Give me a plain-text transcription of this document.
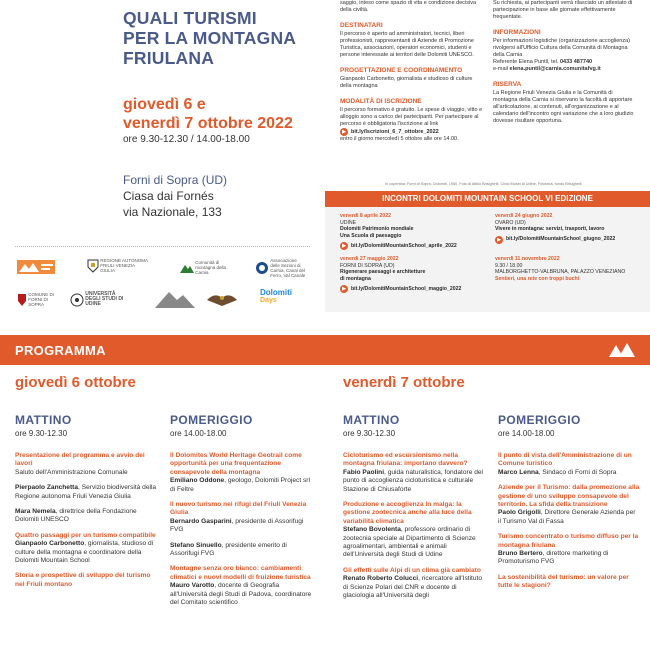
QUALI TURISMI
PER LA MONTAGNA
FRIULANA
giovedì 6 e
venerdì 7 ottobre 2022
ore 9.30-12.30 / 14.00-18.00
Forni di Sopra (UD)
Ciasa dai Fornés
via Nazionale, 133
REGIONE AUTONOMA FRIULI VENEZIA GIULIA
Comunità di montagna della Carnia
Associazione delle Sezioni di Carnia, Canal del Ferro, Val Canale
COMUNE DI FORNI DI SOPRA
UNIVERSITÀ DEGLI STUDI DI UDINE
Dolomiti
Days
saggio, inteso come spazio di vita e condizione decisiva della civiltà.
DESTINATARI
Il percorso è aperto ad amministratori, tecnici, liberi professionisti, rappresentanti di Aziende di Promozione Turistica, associazioni, operatori economici, studenti e persone interessate ai territori delle Dolomiti UNESCO.
PROGETTAZIONE E COORDINAMENTO
Gianpaolo Carbonetto, giornalista e studioso di culture della montagna
MODALITÀ DI ISCRIZIONE
Il percorso formativo è gratuito. Le spese di viaggio, vitto e alloggio sono a carico dei partecipanti. Per partecipare al percorso è obbligatoria l'iscrizione al link
▶ bit.ly/Iscrizioni_6_7_ottobre_2022
entro il giorno mercoledì 5 ottobre alle ore 14.00.
Su richiesta, ai partecipanti verrà rilasciato un attestato di partecipazione in base alle giornate effettivamente frequentate.
INFORMAZIONI
Per informazioni logistiche (organizzazione accoglienza) rivolgersi all'Ufficio Cultura della Comunità di Montagna della Carnia
Referente Elena Puntil, tel. 0433 487740
e-mail elena.puntil@carnia.comunitafvg.it
RISERVA
La Regione Friuli Venezia Giulia e la Comunità di montagna della Carnia si riservano la facoltà di apportare all'articolazione, ai contenuti, all'organizzazione e al calendario dell'incontro ogni variazione che a loro giudizio dovesse risultare opportuna.
In copertina: Forni di Sopra, Dolomiti, 1950. Foto di Attilio Brisighelli. Civici Musei di Udine, Fototeca, fondo Brisighelli
INCONTRI DOLOMITI MOUNTAIN SCHOOL VI EDIZIONE
venerdì 8 aprile 2022
UDINE
Dolomiti Patrimonio mondiale
Una Scuola di paesaggio
▶ bit.ly/DolomitiMountainSchool_aprile_2022
venerdì 27 maggio 2022
FORNI DI SOPRA (UD)
Rigenerare paesaggi e architetture
di montagna
▶ bit.ly/DolomitiMountainSchool_maggio_2022
venerdì 24 giugno 2022
OVARO (UD)
Vivere in montagna: servizi, trasporti, lavoro
▶ bit.ly/DolomitiMountainSchool_giugno_2022
venerdì 11 novembre 2022
9.30 / 18.00
MALBORGHETTO-VALBRUNA, PALAZZO VENEZIANO
Sentieri, una rete con troppi buchi
PROGRAMMA
giovedì 6 ottobre	venerdì 7 ottobre
MATTINO
ore 9.30-12.30
POMERIGGIO
ore 14.00-18.00
MATTINO
ore 9.30-12.30
POMERIGGIO
ore 14.00-18.00
Presentazione del programma e avvio dei lavori
Saluto dell'Amministrazione Comunale
Pierpaolo Zanchetta, Servizio biodiversità della Regione autonoma Friuli Venezia Giulia
Mara Nemela, direttrice della Fondazione Dolomiti UNESCO
Quattro passaggi per un turismo compatibile
Gianpaolo Carbonetto, giornalista, studioso di culture della montagna e coordinatore della Dolomiti Mountain School
Storia e prospettive di sviluppo del turismo nel Friuli montano
Il Dolomites World Heritage Geotrail come opportunità per una frequentazione consapevole della montagna
Emiliano Oddone, geologo, Dolomiti Project srl di Feltre
Il nuovo turismo nei rifugi del Friuli Venezia Giulia
Bernardo Gasparini, presidente di Assorifugi FVG
Stefano Sinuello, presidente emerito di Assorifugi FVG
Montagne senza oro bianco: cambiamenti climatici e nuovi modelli di fruizione turistica
Mauro Varotto, docente di Geografia all'Università degli Studi di Padova, coordinatore del Comitato scientifico
Cicloturismo ed escursionismo nella montagna friulana: importano davvero?
Fabio Paolini, guida naturalistica, fondatore del punto di accoglienza cicloturistica e culturale Stazione di Chiusaforte
Produzione e accoglienza in malga: la gestione zootecnica anche alla luce della variabilità climatica
Stefano Bovolenta, professore ordinario di zootecnia speciale al Dipartimento di Scienze agroalimentari, ambientali e animali dell'Università degli Studi di Udine
Gli effetti sulle Alpi di un clima già cambiato
Renato Roberto Colucci, ricercatore all'Istituto di Scienze Polari del CNR e docente di glaciologia all'Università degli
Il punto di vista dell'Amministrazione di un Comune turistico
Marco Lenna, Sindaco di Forni di Sopra
Aziende per il Turismo: dalla promozione alla gestione di uno sviluppo consapevole del territorio. La sfida della transizione
Paolo Grigolli, Direttore Generale Azienda per il Turismo Val di Fassa
Turismo concentrato o turismo diffuso per la montagna friulana
Bruno Bertero, direttore marketing di Promoturismo FVG
La sostenibilità del turismo: un valore per tutte le stagioni?
